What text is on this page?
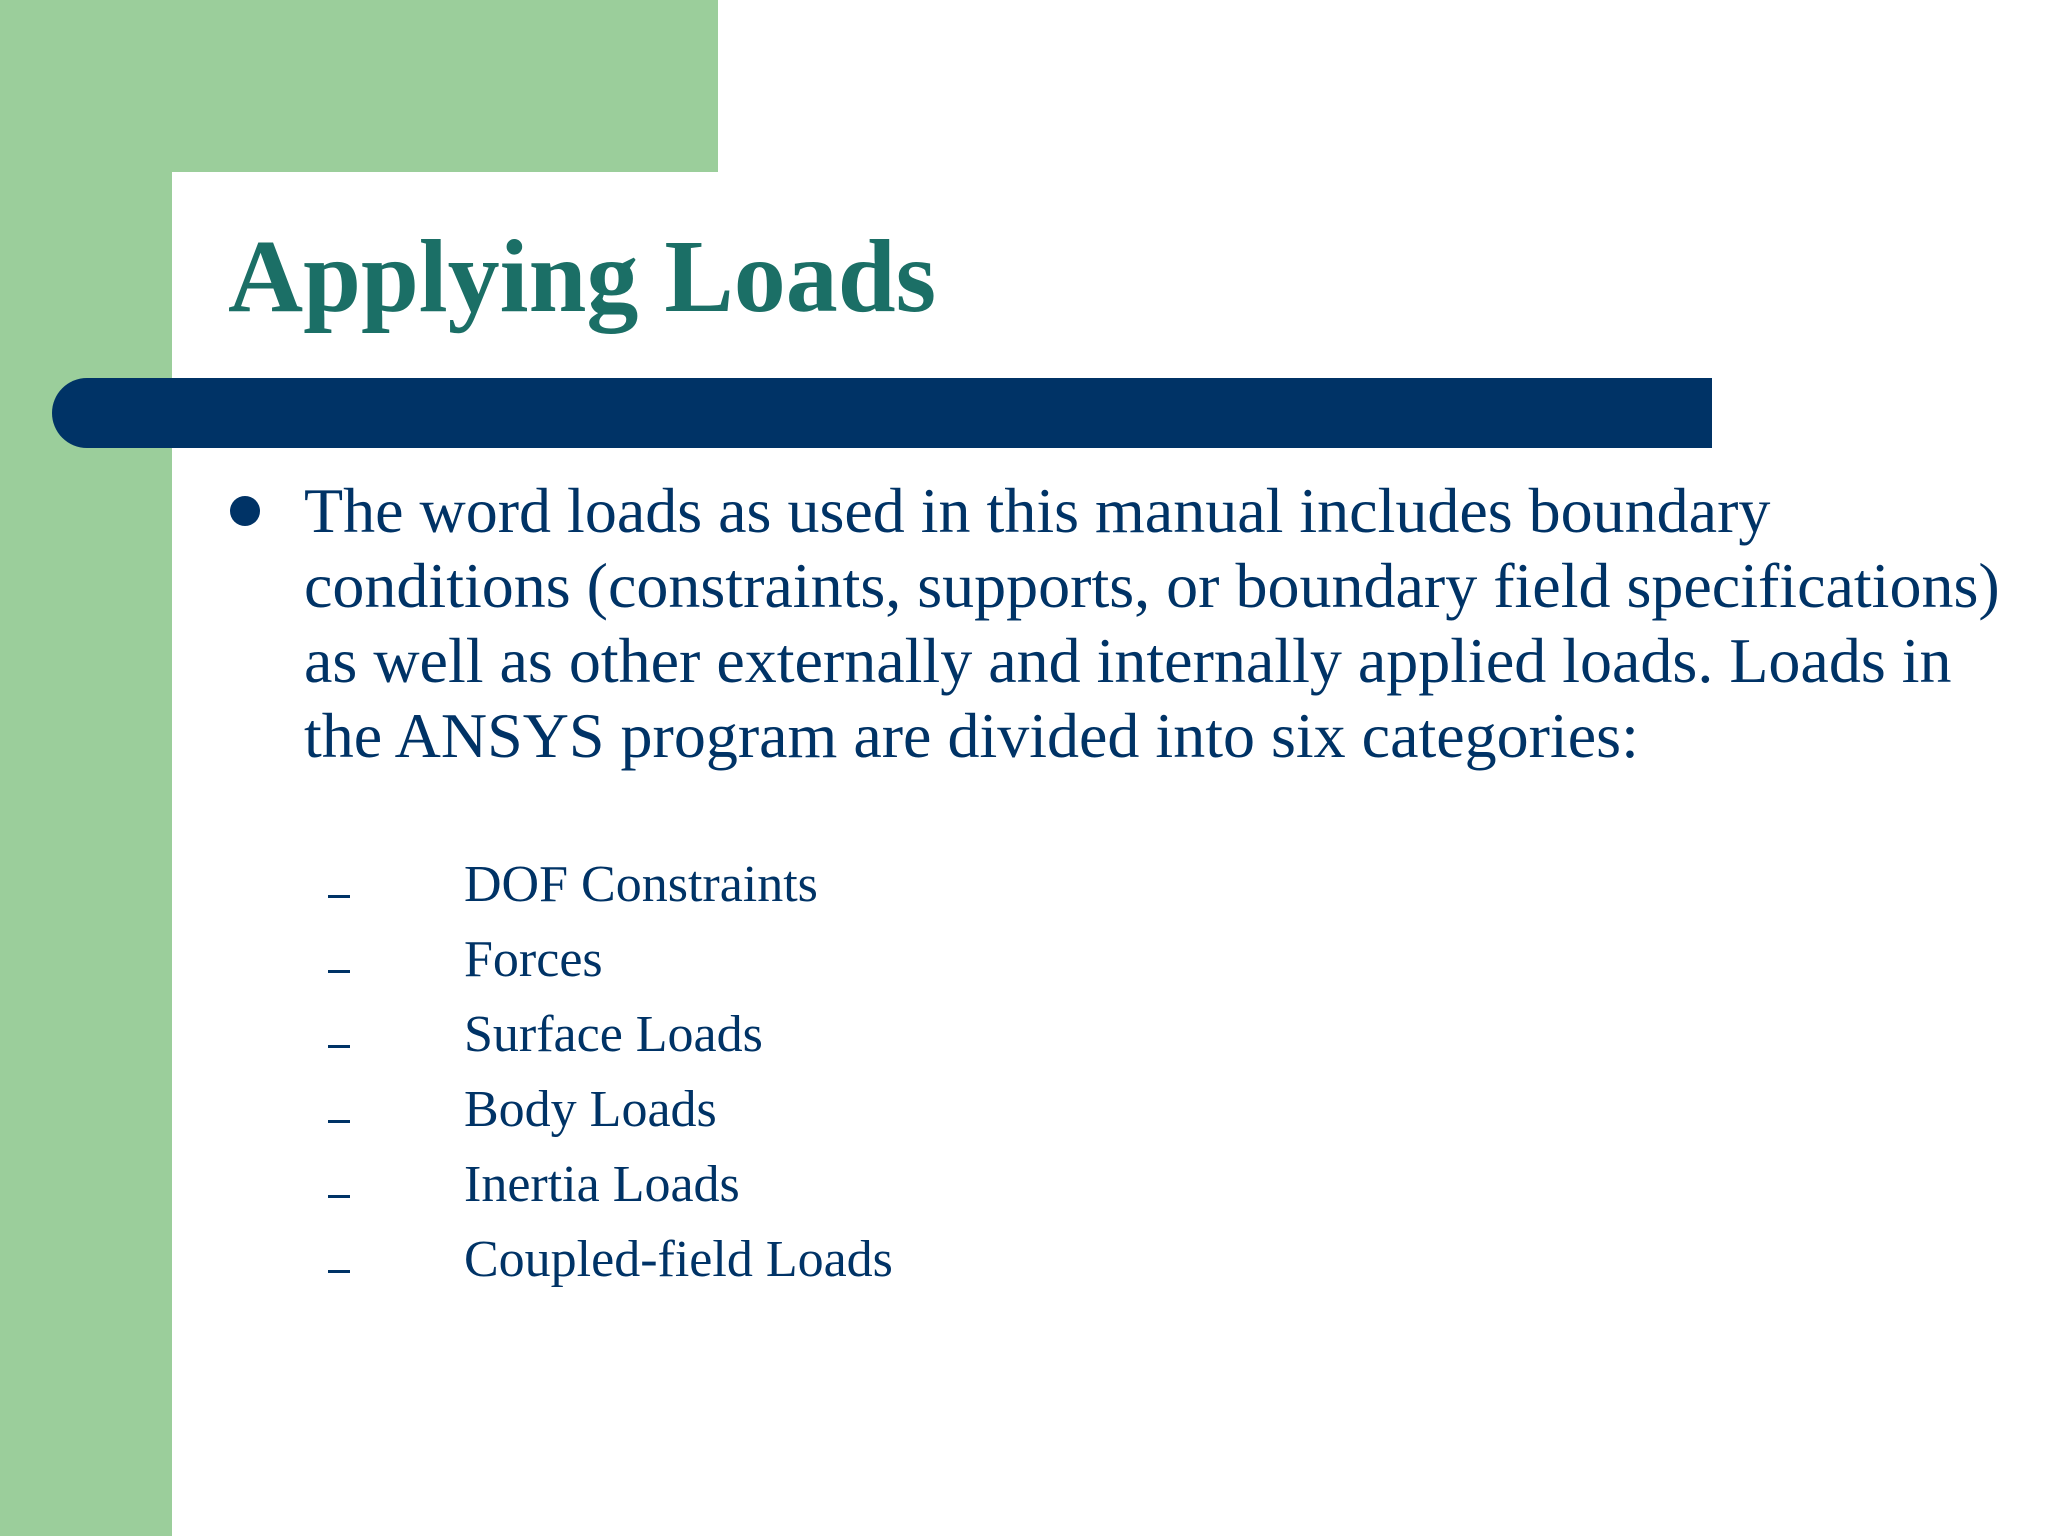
Applying Loads

The word loads as used in this manual includes boundary conditions (constraints, supports, or boundary field specifications) as well as other externally and internally applied loads. Loads in the ANSYS program are divided into six categories:

DOF Constraints
Forces
Surface Loads
Body Loads
Inertia Loads
Coupled-field Loads
